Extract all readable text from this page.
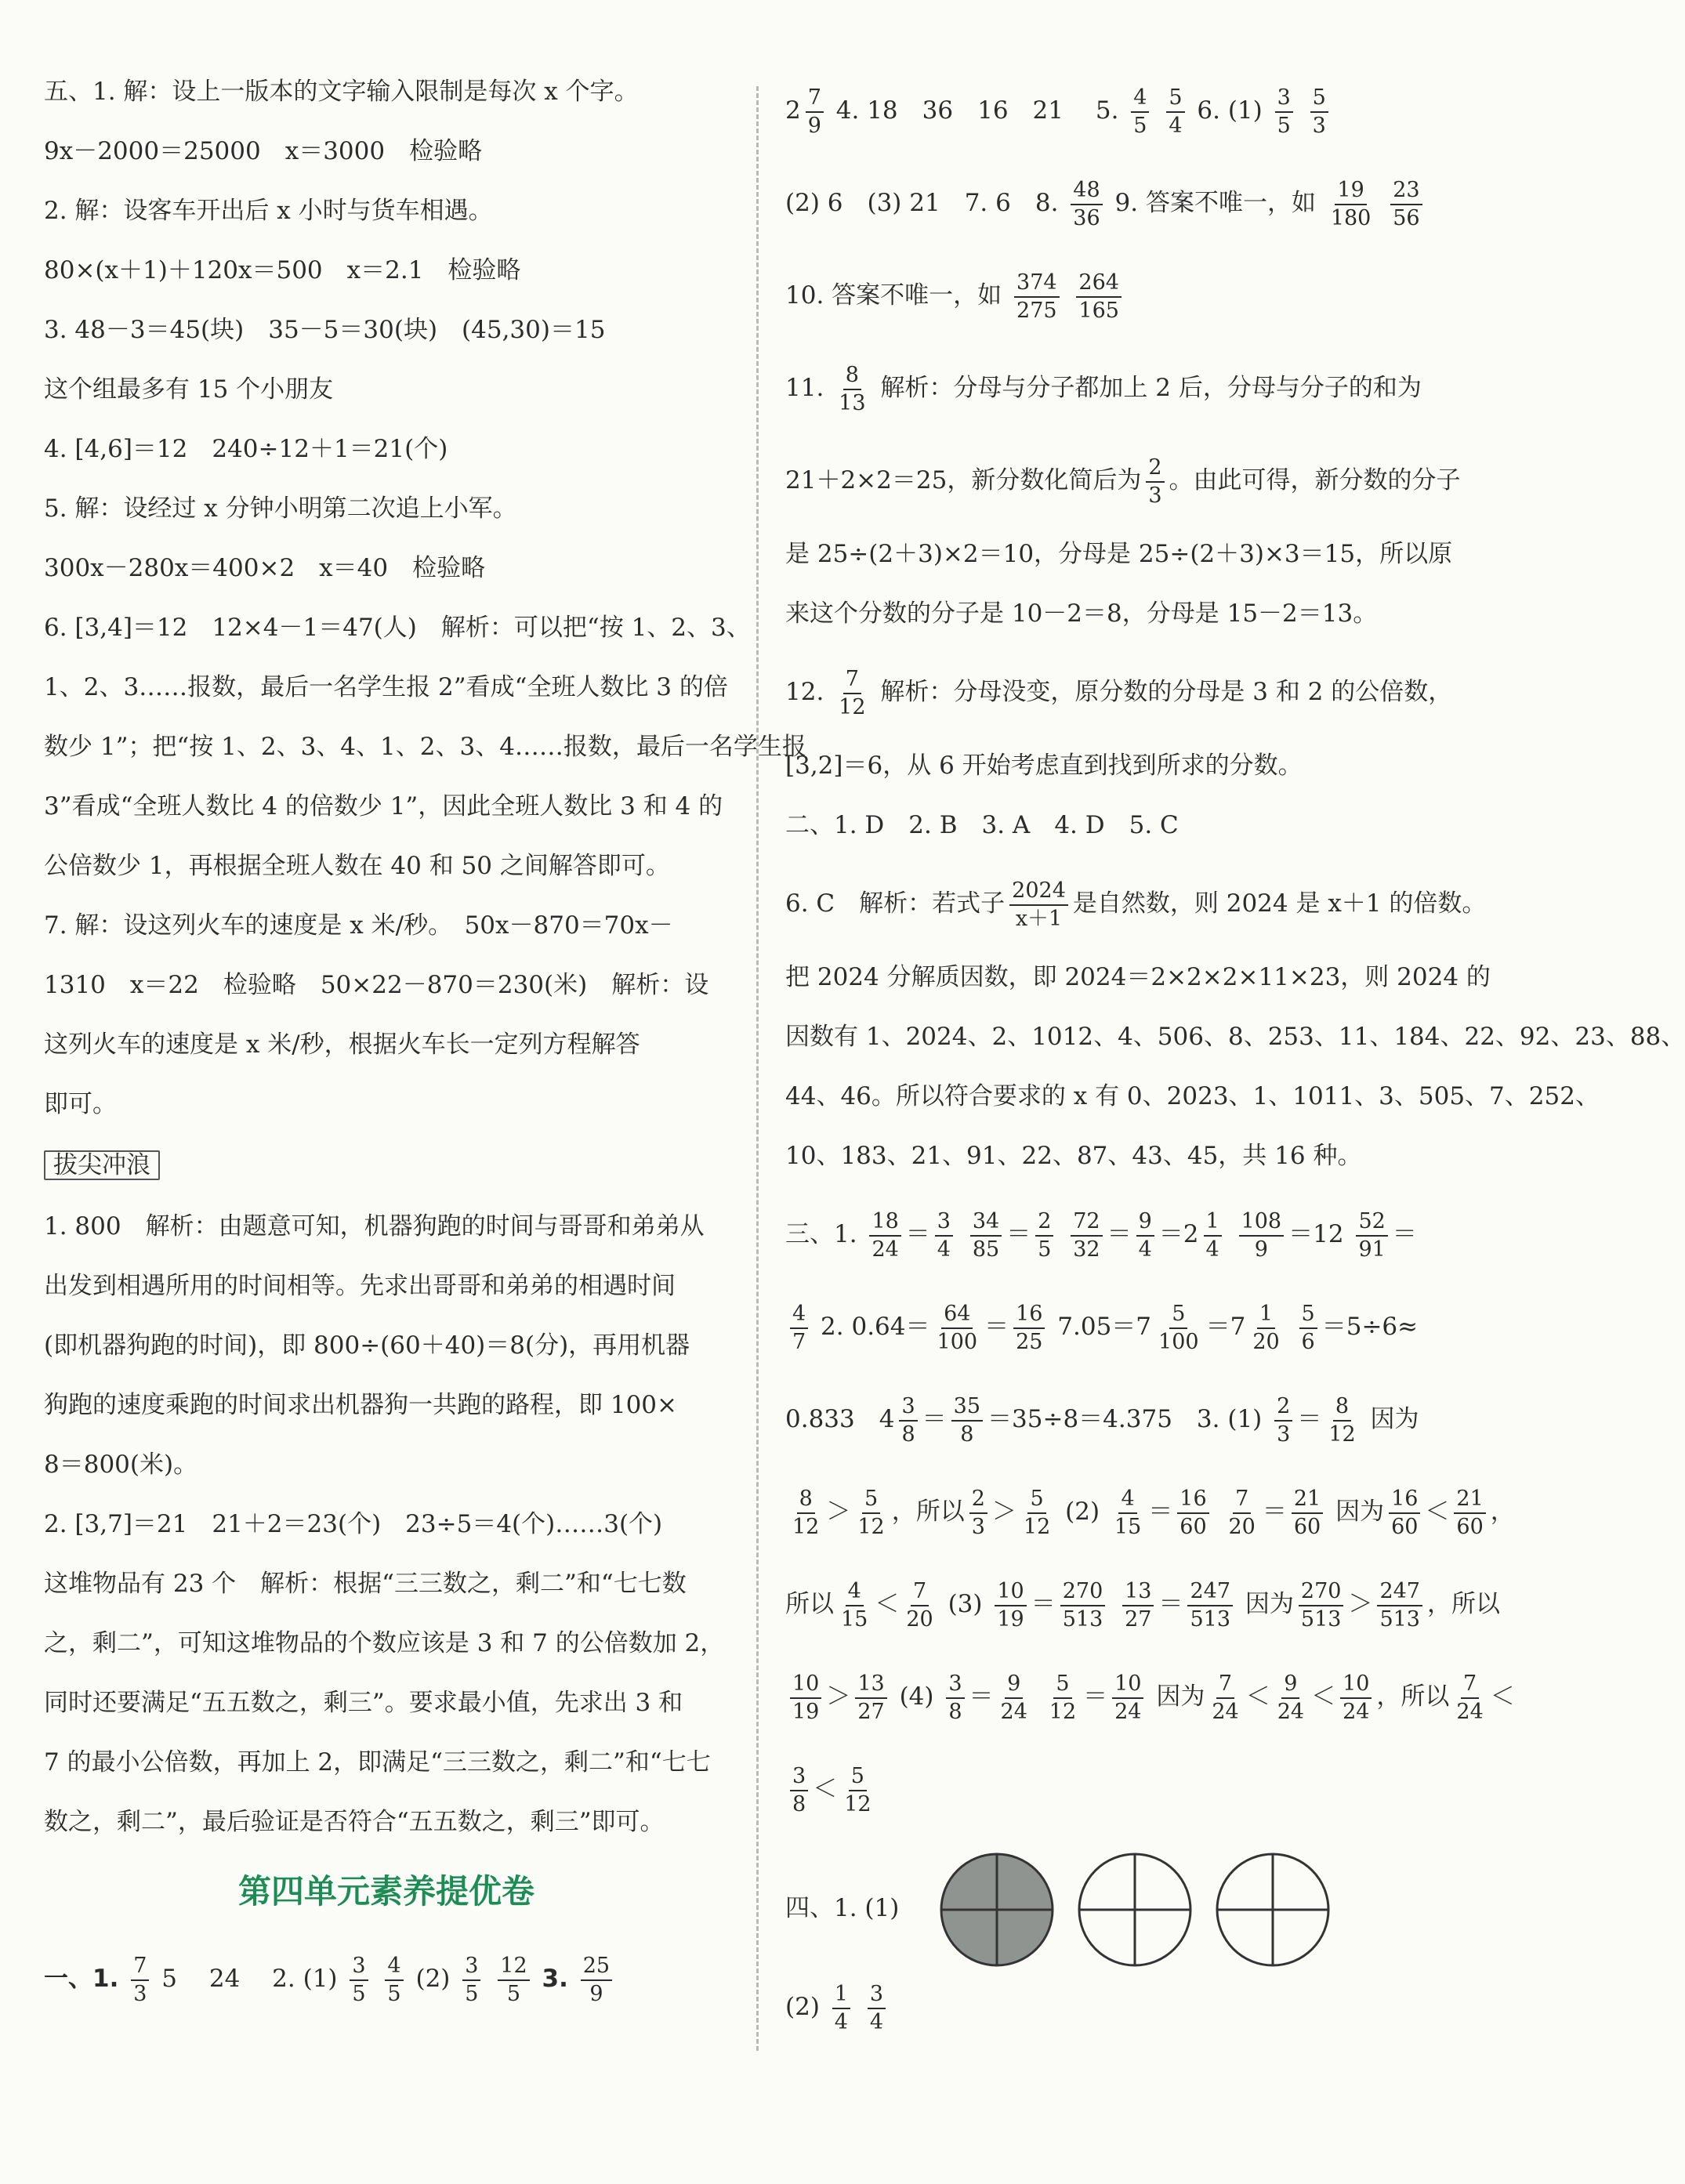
五、1. 解：设上一版本的文字输入限制是每次 x 个字。
9x－2000＝25000　x＝3000　检验略
2. 解：设客车开出后 x 小时与货车相遇。
80×(x＋1)＋120x＝500　x＝2.1　检验略
3. 48－3＝45(块)　35－5＝30(块)　(45,30)＝15
这个组最多有 15 个小朋友
4. [4,6]＝12　240÷12＋1＝21(个)
5. 解：设经过 x 分钟小明第二次追上小军。
300x－280x＝400×2　x＝40　检验略
6. [3,4]＝12　12×4－1＝47(人)　解析：可以把“按 1、2、3、
1、2、3……报数，最后一名学生报 2”看成“全班人数比 3 的倍
数少 1”；把“按 1、2、3、4、1、2、3、4……报数，最后一名学生报
3”看成“全班人数比 4 的倍数少 1”，因此全班人数比 3 和 4 的
公倍数少 1，再根据全班人数在 40 和 50 之间解答即可。
7. 解：设这列火车的速度是 x 米/秒。　50x－870＝70x－
1310　x＝22　检验略　50×22－870＝230(米)　解析：设
这列火车的速度是 x 米/秒，根据火车长一定列方程解答
即可。
拔尖冲浪
1. 800　解析：由题意可知，机器狗跑的时间与哥哥和弟弟从
出发到相遇所用的时间相等。先求出哥哥和弟弟的相遇时间
(即机器狗跑的时间)，即 800÷(60＋40)＝8(分)，再用机器
狗跑的速度乘跑的时间求出机器狗一共跑的路程，即 100×
8＝800(米)。
2. [3,7]＝21　21＋2＝23(个)　23÷5＝4(个)……3(个)
这堆物品有 23 个　解析：根据“三三数之，剩二”和“七七数
之，剩二”，可知这堆物品的个数应该是 3 和 7 的公倍数加 2，
同时还要满足“五五数之，剩三”。要求最小值，先求出 3 和
7 的最小公倍数，再加上 2，即满足“三三数之，剩二”和“七七
数之，剩二”，最后验证是否符合“五五数之，剩三”即可。
第四单元素养提优卷
一、1. $\frac{7}{3} 5$　 24　 2. $(1) \frac{3}{5}$
$\frac{4}{5} (2) \frac{3}{5}$
$\frac{12}{5} 3$. $\frac{25}{9}$
$2 \frac{7}{9} 4$. 18　36　16　21　 5. $\frac{4}{5}$
$\frac{5}{4} 6$. $(1) \frac{3}{5}$
$\frac{5}{3}$
(2) 6　(3) 21　7. 6　8. $\frac{48}{36} 9$. 答案不唯一，如 $\frac{19}{180}$
$\frac{23}{56}$
10. 答案不唯一，如 $\frac{374}{275}$
$\frac{264}{165}$
11. $\frac{8}{13}$ 解析：分母与分子都加上 2 后，分母与分子的和为
21＋2×2＝25，新分数化简后为 $\frac{2}{3}$ 。由此可得，新分数的分子
是 25÷(2＋3)×2＝10，分母是 25÷(2＋3)×3＝15，所以原
来这个分数的分子是 10－2＝8，分母是 15－2＝13。
12. $\frac{7}{12}$ 解析：分母没变，原分数的分母是 3 和 2 的公倍数，
[3,2]＝6，从 6 开始考虑直到找到所求的分数。
二、1. D　2. B　3. A　4. D　5. C
6. C　解析：若式子 $\frac{2024}{x+1}$ 是自然数，则 2024 是 x＋1 的倍数。
把 2024 分解质因数，即 2024＝2×2×2×11×23，则 2024 的
因数有 1、2024、2、1012、4、506、8、253、11、184、22、92、23、88、
44、46。所以符合要求的 x 有 0、2023、1、1011、3、505、7、252、
10、183、21、91、22、87、43、45，共 16 种。
三、1. $\frac{18}{24} = \frac{3}{4}$
$\frac{34}{85} = \frac{2}{5}$
$\frac{72}{32} = \frac{9}{4} =2 \frac{1}{4}$
$\frac{108}{9} =12 \frac{52}{91}$ ＝
$\frac{4}{7} 2$. $0.64= \frac{64}{100} = \frac{16}{25} 7.05=7 \frac{5}{100} =7 \frac{1}{20}$
$\frac{5}{6} =5\div 6\approx$
0.833　$4 \frac{3}{8} = \frac{35}{8} =35\div 8=4.375$　3. $(1) \frac{2}{3} = \frac{8}{12}$ 因为
$\frac{8}{12} > \frac{5}{12}$ ，所以 $\frac{2}{3} > \frac{5}{12} (2) \frac{4}{15} = \frac{16}{60}$
$\frac{7}{20} = \frac{21}{60}$ 因为 $\frac{16}{60} < \frac{21}{60}$ ，
所以 $\frac{4}{15} < \frac{7}{20} (3) \frac{10}{19} = \frac{270}{513}$
$\frac{13}{27} = \frac{247}{513}$ 因为 $\frac{270}{513} > \frac{247}{513}$ ，所以
$\frac{10}{19} > \frac{13}{27} (4) \frac{3}{8} = \frac{9}{24}$
$\frac{5}{12} = \frac{10}{24}$ 因为 $\frac{7}{24} < \frac{9}{24} < \frac{10}{24}$ ，所以 $\frac{7}{24}$ ＜
$\frac{3}{8} < \frac{5}{12}$
四、1. (1)
$(2) \frac{1}{4}$
$\frac{3}{4}$
